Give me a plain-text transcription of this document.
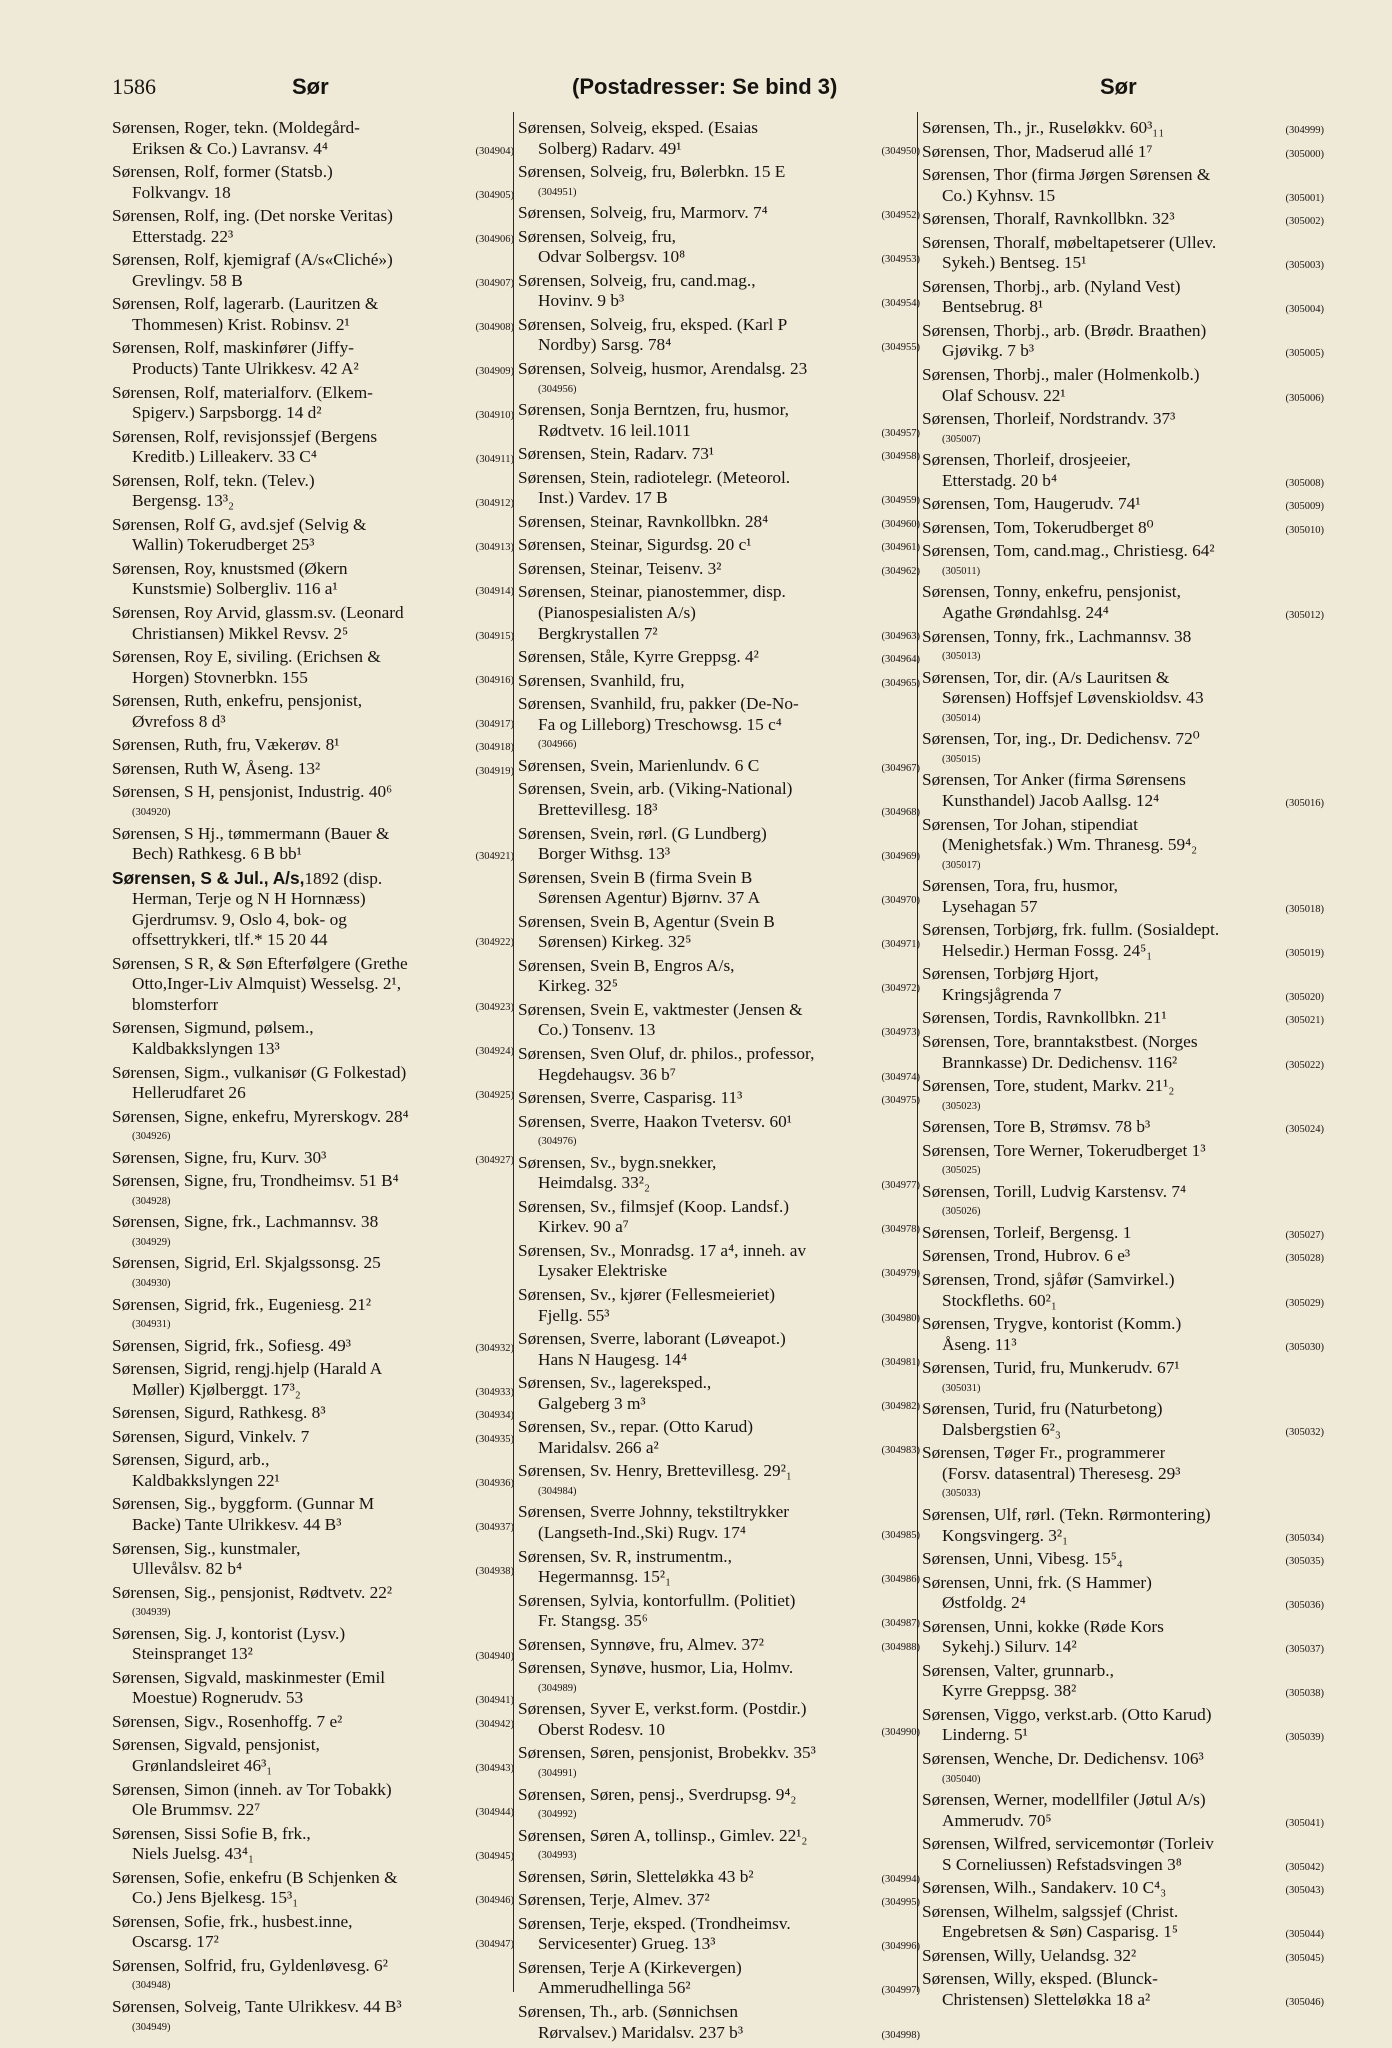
1586	Sør	(Postadresser: Se bind 3)	Sør
Sørensen, Roger, tekn. (Moldegård-
Eriksen & Co.) Lavransv. 4⁴	(304904)
Sørensen, Rolf, former (Statsb.)
Folkvangv. 18	(304905)
Sørensen, Rolf, ing. (Det norske Veritas)
Etterstadg. 22³	(304906)
Sørensen, Rolf, kjemigraf (A/s«Cliché»)
Grevlingv. 58 B	(304907)
Sørensen, Rolf, lagerarb. (Lauritzen &
Thommesen) Krist. Robinsv. 2¹	(304908)
Sørensen, Rolf, maskinfører (Jiffy-
Products) Tante Ulrikkesv. 42 A²	(304909)
Sørensen, Rolf, materialforv. (Elkem-
Spigerv.) Sarpsborgg. 14 d²	(304910)
Sørensen, Rolf, revisjonssjef (Bergens
Kreditb.) Lilleakerv. 33 C⁴	(304911)
Sørensen, Rolf, tekn. (Telev.)
Bergensg. 13³₂	(304912)
Sørensen, Rolf G, avd.sjef (Selvig &
Wallin) Tokerudberget 25³	(304913)
Sørensen, Roy, knustsmed (Økern
Kunstsmie) Solbergliv. 116 a¹	(304914)
Sørensen, Roy Arvid, glassm.sv. (Leonard
Christiansen) Mikkel Revsv. 2⁵	(304915)
Sørensen, Roy E, siviling. (Erichsen &
Horgen) Stovnerbkn. 155	(304916)
Sørensen, Ruth, enkefru, pensjonist,
Øvrefoss 8 d³	(304917)
Sørensen, Ruth, fru, Vækerøv. 8¹	(304918)
Sørensen, Ruth W, Åseng. 13²	(304919)
Sørensen, S H, pensjonist, Industrig. 40⁶
(304920)
Sørensen, S Hj., tømmermann (Bauer &
Bech) Rathkesg. 6 B bb¹	(304921)
Sørensen, S & Jul., A/s, 1892 (disp.
Herman, Terje og N H Hornnæss)
Gjerdrumsv. 9, Oslo 4, bok- og
offsettrykkeri, tlf.* 15 20 44	(304922)
Sørensen, S R, & Søn Efterfølgere (Grethe
Otto,Inger-Liv Almquist) Wesselsg. 2¹,
blomsterforr	(304923)
Sørensen, Sigmund, pølsem.,
Kaldbakkslyngen 13³	(304924)
Sørensen, Sigm., vulkanisør (G Folkestad)
Hellerudfaret 26	(304925)
Sørensen, Signe, enkefru, Myrerskogv. 28⁴
(304926)
Sørensen, Signe, fru, Kurv. 30³	(304927)
Sørensen, Signe, fru, Trondheimsv. 51 B⁴
(304928)
Sørensen, Signe, frk., Lachmannsv. 38
(304929)
Sørensen, Sigrid, Erl. Skjalgssonsg. 25
(304930)
Sørensen, Sigrid, frk., Eugeniesg. 21²
(304931)
Sørensen, Sigrid, frk., Sofiesg. 49³	(304932)
Sørensen, Sigrid, rengj.hjelp (Harald A
Møller) Kjølberggt. 17³₂	(304933)
Sørensen, Sigurd, Rathkesg. 8³	(304934)
Sørensen, Sigurd, Vinkelv. 7	(304935)
Sørensen, Sigurd, arb.,
Kaldbakkslyngen 22¹	(304936)
Sørensen, Sig., byggform. (Gunnar M
Backe) Tante Ulrikkesv. 44 B³	(304937)
Sørensen, Sig., kunstmaler,
Ullevålsv. 82 b⁴	(304938)
Sørensen, Sig., pensjonist, Rødtvetv. 22²
(304939)
Sørensen, Sig. J, kontorist (Lysv.)
Steinspranget 13²	(304940)
Sørensen, Sigvald, maskinmester (Emil
Moestue) Rognerudv. 53	(304941)
Sørensen, Sigv., Rosenhoffg. 7 e²	(304942)
Sørensen, Sigvald, pensjonist,
Grønlandsleiret 46³₁	(304943)
Sørensen, Simon (inneh. av Tor Tobakk)
Ole Brummsv. 22⁷	(304944)
Sørensen, Sissi Sofie B, frk.,
Niels Juelsg. 43⁴₁	(304945)
Sørensen, Sofie, enkefru (B Schjenken &
Co.) Jens Bjelkesg. 15³₁	(304946)
Sørensen, Sofie, frk., husbest.inne,
Oscarsg. 17²	(304947)
Sørensen, Solfrid, fru, Gyldenløvesg. 6²
(304948)
Sørensen, Solveig, Tante Ulrikkesv. 44 B³
(304949)
Sørensen, Solveig, eksped. (Esaias
Solberg) Radarv. 49¹	(304950)
Sørensen, Solveig, fru, Bølerbkn. 15 E
(304951)
Sørensen, Solveig, fru, Marmorv. 7⁴	(304952)
Sørensen, Solveig, fru,
Odvar Solbergsv. 10⁸	(304953)
Sørensen, Solveig, fru, cand.mag.,
Hovinv. 9 b³	(304954)
Sørensen, Solveig, fru, eksped. (Karl P
Nordby) Sarsg. 78⁴	(304955)
Sørensen, Solveig, husmor, Arendalsg. 23
(304956)
Sørensen, Sonja Berntzen, fru, husmor,
Rødtvetv. 16 leil.1011	(304957)
Sørensen, Stein, Radarv. 73¹	(304958)
Sørensen, Stein, radiotelegr. (Meteorol.
Inst.) Vardev. 17 B	(304959)
Sørensen, Steinar, Ravnkollbkn. 28⁴	(304960)
Sørensen, Steinar, Sigurdsg. 20 c¹	(304961)
Sørensen, Steinar, Teisenv. 3²	(304962)
Sørensen, Steinar, pianostemmer, disp.
(Pianospesialisten A/s)
Bergkrystallen 7²	(304963)
Sørensen, Ståle, Kyrre Greppsg. 4²	(304964)
Sørensen, Svanhild, fru,	(304965)
Sørensen, Svanhild, fru, pakker (De-No-
Fa og Lilleborg) Treschowsg. 15 c⁴
(304966)
Sørensen, Svein, Marienlundv. 6 C	(304967)
Sørensen, Svein, arb. (Viking-National)
Brettevillesg. 18³	(304968)
Sørensen, Svein, rørl. (G Lundberg)
Borger Withsg. 13³	(304969)
Sørensen, Svein B (firma Svein B
Sørensen Agentur) Bjørnv. 37 A	(304970)
Sørensen, Svein B, Agentur (Svein B
Sørensen) Kirkeg. 32⁵	(304971)
Sørensen, Svein B, Engros A/s,
Kirkeg. 32⁵	(304972)
Sørensen, Svein E, vaktmester (Jensen &
Co.) Tonsenv. 13	(304973)
Sørensen, Sven Oluf, dr. philos., professor,
Hegdehaugsv. 36 b⁷	(304974)
Sørensen, Sverre, Casparisg. 11³	(304975)
Sørensen, Sverre, Haakon Tvetersv. 60¹
(304976)
Sørensen, Sv., bygn.snekker,
Heimdalsg. 33²₂	(304977)
Sørensen, Sv., filmsjef (Koop. Landsf.)
Kirkev. 90 a⁷	(304978)
Sørensen, Sv., Monradsg. 17 a⁴, inneh. av
Lysaker Elektriske	(304979)
Sørensen, Sv., kjører (Fellesmeieriet)
Fjellg. 55³	(304980)
Sørensen, Sverre, laborant (Løveapot.)
Hans N Haugesg. 14⁴	(304981)
Sørensen, Sv., lagereksped.,
Galgeberg 3 m³	(304982)
Sørensen, Sv., repar. (Otto Karud)
Maridalsv. 266 a²	(304983)
Sørensen, Sv. Henry, Brettevillesg. 29²₁
(304984)
Sørensen, Sverre Johnny, tekstiltrykker
(Langseth-Ind.,Ski) Rugv. 17⁴	(304985)
Sørensen, Sv. R, instrumentm.,
Hegermannsg. 15²₁	(304986)
Sørensen, Sylvia, kontorfullm. (Politiet)
Fr. Stangsg. 35⁶	(304987)
Sørensen, Synnøve, fru, Almev. 37²	(304988)
Sørensen, Synøve, husmor, Lia, Holmv.
(304989)
Sørensen, Syver E, verkst.form. (Postdir.)
Oberst Rodesv. 10	(304990)
Sørensen, Søren, pensjonist, Brobekkv. 35³
(304991)
Sørensen, Søren, pensj., Sverdrupsg. 9⁴₂
(304992)
Sørensen, Søren A, tollinsp., Gimlev. 22¹₂
(304993)
Sørensen, Sørin, Sletteløkka 43 b²	(304994)
Sørensen, Terje, Almev. 37²	(304995)
Sørensen, Terje, eksped. (Trondheimsv.
Servicesenter) Grueg. 13³	(304996)
Sørensen, Terje A (Kirkevergen)
Ammerudhellinga 56²	(304997)
Sørensen, Th., arb. (Sønnichsen
Rørvalsev.) Maridalsv. 237 b³	(304998)
Sørensen, Th., jr., Ruseløkkv. 60³₁₁	(304999)
Sørensen, Thor, Madserud allé 1⁷	(305000)
Sørensen, Thor (firma Jørgen Sørensen &
Co.) Kyhnsv. 15	(305001)
Sørensen, Thoralf, Ravnkollbkn. 32³	(305002)
Sørensen, Thoralf, møbeltapetserer (Ullev.
Sykeh.) Bentseg. 15¹	(305003)
Sørensen, Thorbj., arb. (Nyland Vest)
Bentsebrug. 8¹	(305004)
Sørensen, Thorbj., arb. (Brødr. Braathen)
Gjøvikg. 7 b³	(305005)
Sørensen, Thorbj., maler (Holmenkolb.)
Olaf Schousv. 22¹	(305006)
Sørensen, Thorleif, Nordstrandv. 37³
(305007)
Sørensen, Thorleif, drosjeeier,
Etterstadg. 20 b⁴	(305008)
Sørensen, Tom, Haugerudv. 74¹	(305009)
Sørensen, Tom, Tokerudberget 8⁰	(305010)
Sørensen, Tom, cand.mag., Christiesg. 64²
(305011)
Sørensen, Tonny, enkefru, pensjonist,
Agathe Grøndahlsg. 24⁴	(305012)
Sørensen, Tonny, frk., Lachmannsv. 38
(305013)
Sørensen, Tor, dir. (A/s Lauritsen &
Sørensen) Hoffsjef Løvenskioldsv. 43
(305014)
Sørensen, Tor, ing., Dr. Dedichensv. 72⁰
(305015)
Sørensen, Tor Anker (firma Sørensens
Kunsthandel) Jacob Aallsg. 12⁴	(305016)
Sørensen, Tor Johan, stipendiat
(Menighetsfak.) Wm. Thranesg. 59⁴₂
(305017)
Sørensen, Tora, fru, husmor,
Lysehagan 57	(305018)
Sørensen, Torbjørg, frk. fullm. (Sosialdept.
Helsedir.) Herman Fossg. 24⁵₁	(305019)
Sørensen, Torbjørg Hjort,
Kringsjågrenda 7	(305020)
Sørensen, Tordis, Ravnkollbkn. 21¹	(305021)
Sørensen, Tore, branntakstbest. (Norges
Brannkasse) Dr. Dedichensv. 116²	(305022)
Sørensen, Tore, student, Markv. 21¹₂
(305023)
Sørensen, Tore B, Strømsv. 78 b³	(305024)
Sørensen, Tore Werner, Tokerudberget 1³
(305025)
Sørensen, Torill, Ludvig Karstensv. 7⁴
(305026)
Sørensen, Torleif, Bergensg. 1	(305027)
Sørensen, Trond, Hubrov. 6 e³	(305028)
Sørensen, Trond, sjåfør (Samvirkel.)
Stockfleths. 60²₁	(305029)
Sørensen, Trygve, kontorist (Komm.)
Åseng. 11³	(305030)
Sørensen, Turid, fru, Munkerudv. 67¹
(305031)
Sørensen, Turid, fru (Naturbetong)
Dalsbergstien 6²₃	(305032)
Sørensen, Tøger Fr., programmerer
(Forsv. datasentral) Theresesg. 29³
(305033)
Sørensen, Ulf, rørl. (Tekn. Rørmontering)
Kongsvingerg. 3²₁	(305034)
Sørensen, Unni, Vibesg. 15⁵₄	(305035)
Sørensen, Unni, frk. (S Hammer)
Østfoldg. 2⁴	(305036)
Sørensen, Unni, kokke (Røde Kors
Sykehj.) Silurv. 14²	(305037)
Sørensen, Valter, grunnarb.,
Kyrre Greppsg. 38²	(305038)
Sørensen, Viggo, verkst.arb. (Otto Karud)
Linderng. 5¹	(305039)
Sørensen, Wenche, Dr. Dedichensv. 106³
(305040)
Sørensen, Werner, modellfiler (Jøtul A/s)
Ammerudv. 70⁵	(305041)
Sørensen, Wilfred, servicemontør (Torleiv
S Corneliussen) Refstadsvingen 3⁸	(305042)
Sørensen, Wilh., Sandakerv. 10 C⁴₃	(305043)
Sørensen, Wilhelm, salgssjef (Christ.
Engebretsen & Søn) Casparisg. 1⁵	(305044)
Sørensen, Willy, Uelandsg. 32²	(305045)
Sørensen, Willy, eksped. (Blunck-
Christensen) Sletteløkka 18 a²	(305046)
